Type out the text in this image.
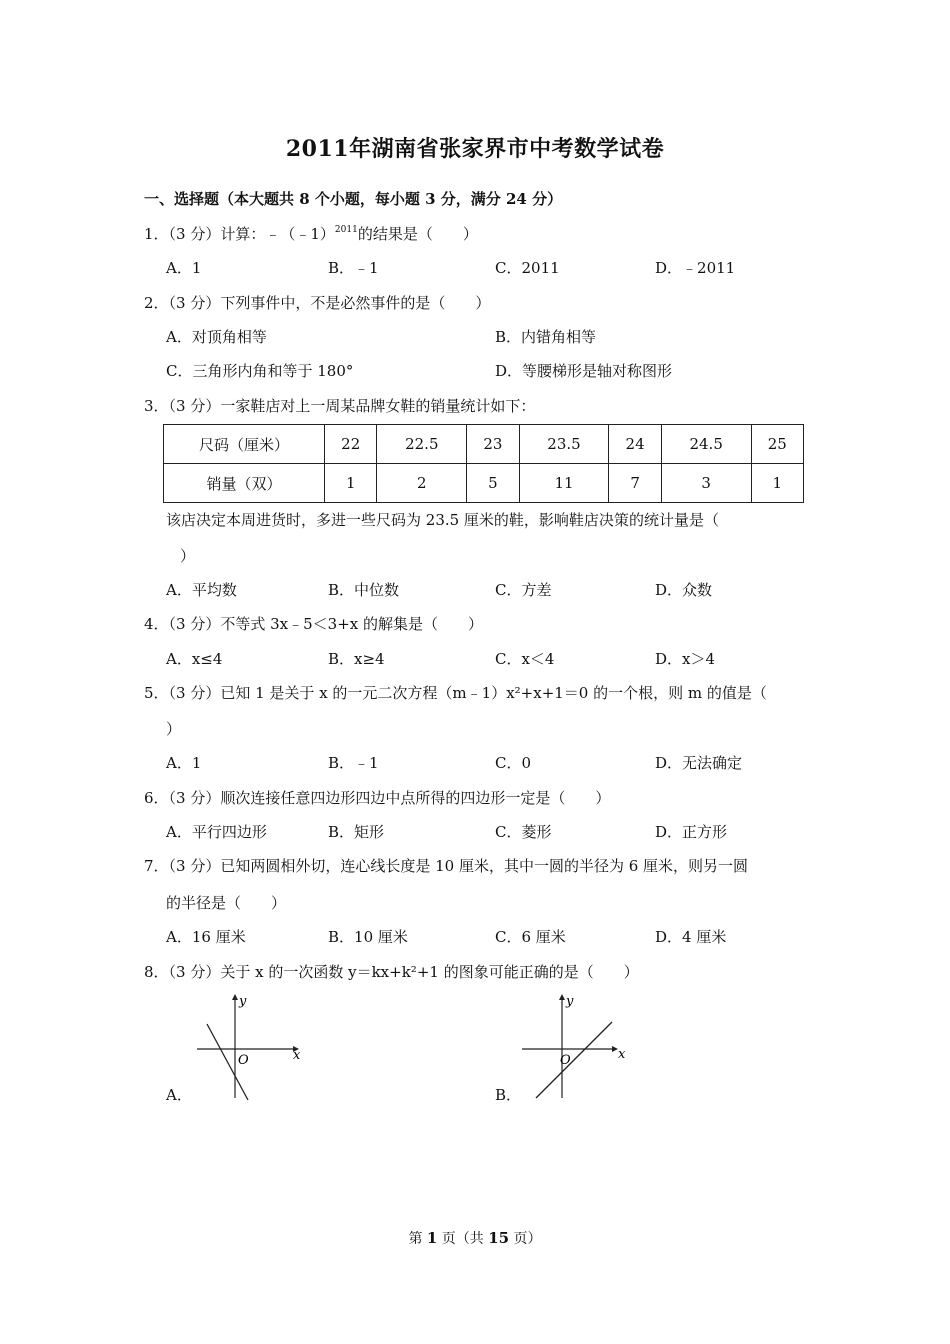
2011年湖南省张家界市中考数学试卷
一、选择题（本大题共 8 个小题，每小题 3 分，满分 24 分）
1．（3 分）计算：﹣（﹣1）$^{2011}$的结果是（　　）
A．1	B．﹣1	C．2011	D．﹣2011
2．（3 分）下列事件中，不是必然事件的是（　　）
A．对顶角相等	B．内错角相等
C．三角形内角和等于 180°	D．等腰梯形是轴对称图形
3．（3 分）一家鞋店对上一周某品牌女鞋的销量统计如下：
尺码（厘米）	22	22.5	23	23.5	24	24.5	25
销量（双）	1	2	5	11	7	3	1
该店决定本周进货时，多进一些尺码为 23.5 厘米的鞋，影响鞋店决策的统计量是（
）
A．平均数	B．中位数	C．方差	D．众数
4．（3 分）不等式 3x﹣5＜3+x 的解集是（　　）
A．x≤4	B．x≥4	C．x＜4	D．x＞4
5．（3 分）已知 1 是关于 x 的一元二次方程（m﹣1）x²+x+1＝0 的一个根，则 m 的值是（
）
A．1	B．﹣1	C．0	D．无法确定
6．（3 分）顺次连接任意四边形四边中点所得的四边形一定是（　　）
A．平行四边形	B．矩形	C．菱形	D．正方形
7．（3 分）已知两圆相外切，连心线长度是 10 厘米，其中一圆的半径为 6 厘米，则另一圆
的半径是（　　）
A．16 厘米	B．10 厘米	C．6 厘米	D．4 厘米
8．（3 分）关于 x 的一次函数 y＝kx+k²+1 的图象可能正确的是（　　）
y
x
O
A．
y
x
O
B．
第 1 页（共 15 页）
